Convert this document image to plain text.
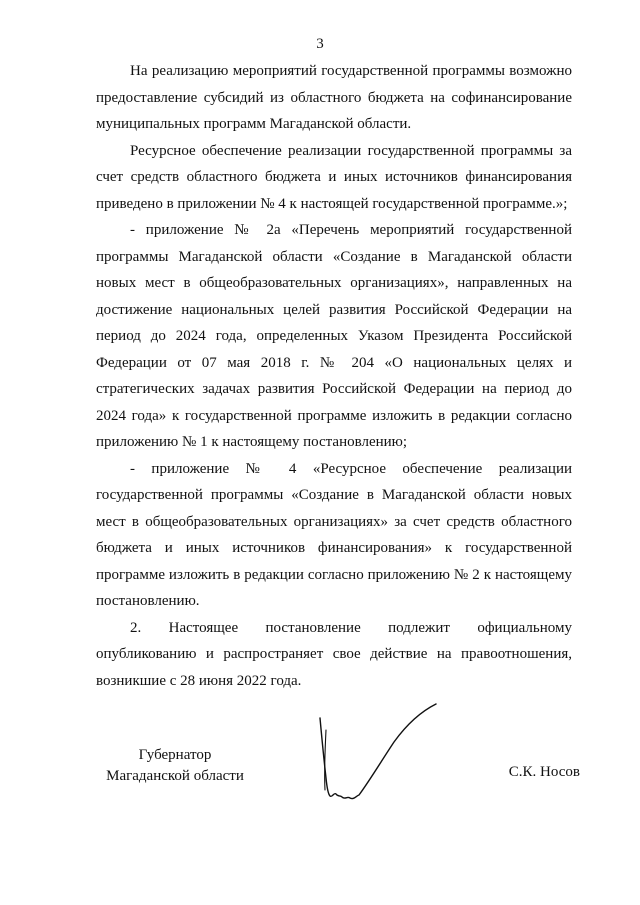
3

На реализацию мероприятий государственной программы возможно предоставление субсидий из областного бюджета на софинансирование муниципальных программ Магаданской области.

Ресурсное обеспечение реализации государственной программы за счет средств областного бюджета и иных источников финансирования приведено в приложении № 4 к настоящей государственной программе.»;

- приложение № 2а «Перечень мероприятий государственной программы Магаданской области «Создание в Магаданской области новых мест в общеобразовательных организациях», направленных на достижение национальных целей развития Российской Федерации на период до 2024 года, определенных Указом Президента Российской Федерации от 07 мая 2018 г. № 204 «О национальных целях и стратегических задачах развития Российской Федерации на период до 2024 года» к государственной программе изложить в редакции согласно приложению № 1 к настоящему постановлению;

- приложение № 4 «Ресурсное обеспечение реализации государственной программы «Создание в Магаданской области новых мест в общеобразовательных организациях» за счет средств областного бюджета и иных источников финансирования» к государственной программе изложить в редакции согласно приложению № 2 к настоящему постановлению.

2. Настоящее постановление подлежит официальному опубликованию и распространяет свое действие на правоотношения, возникшие с 28 июня 2022 года.

Губернатор
Магаданской области	С.К. Носов
